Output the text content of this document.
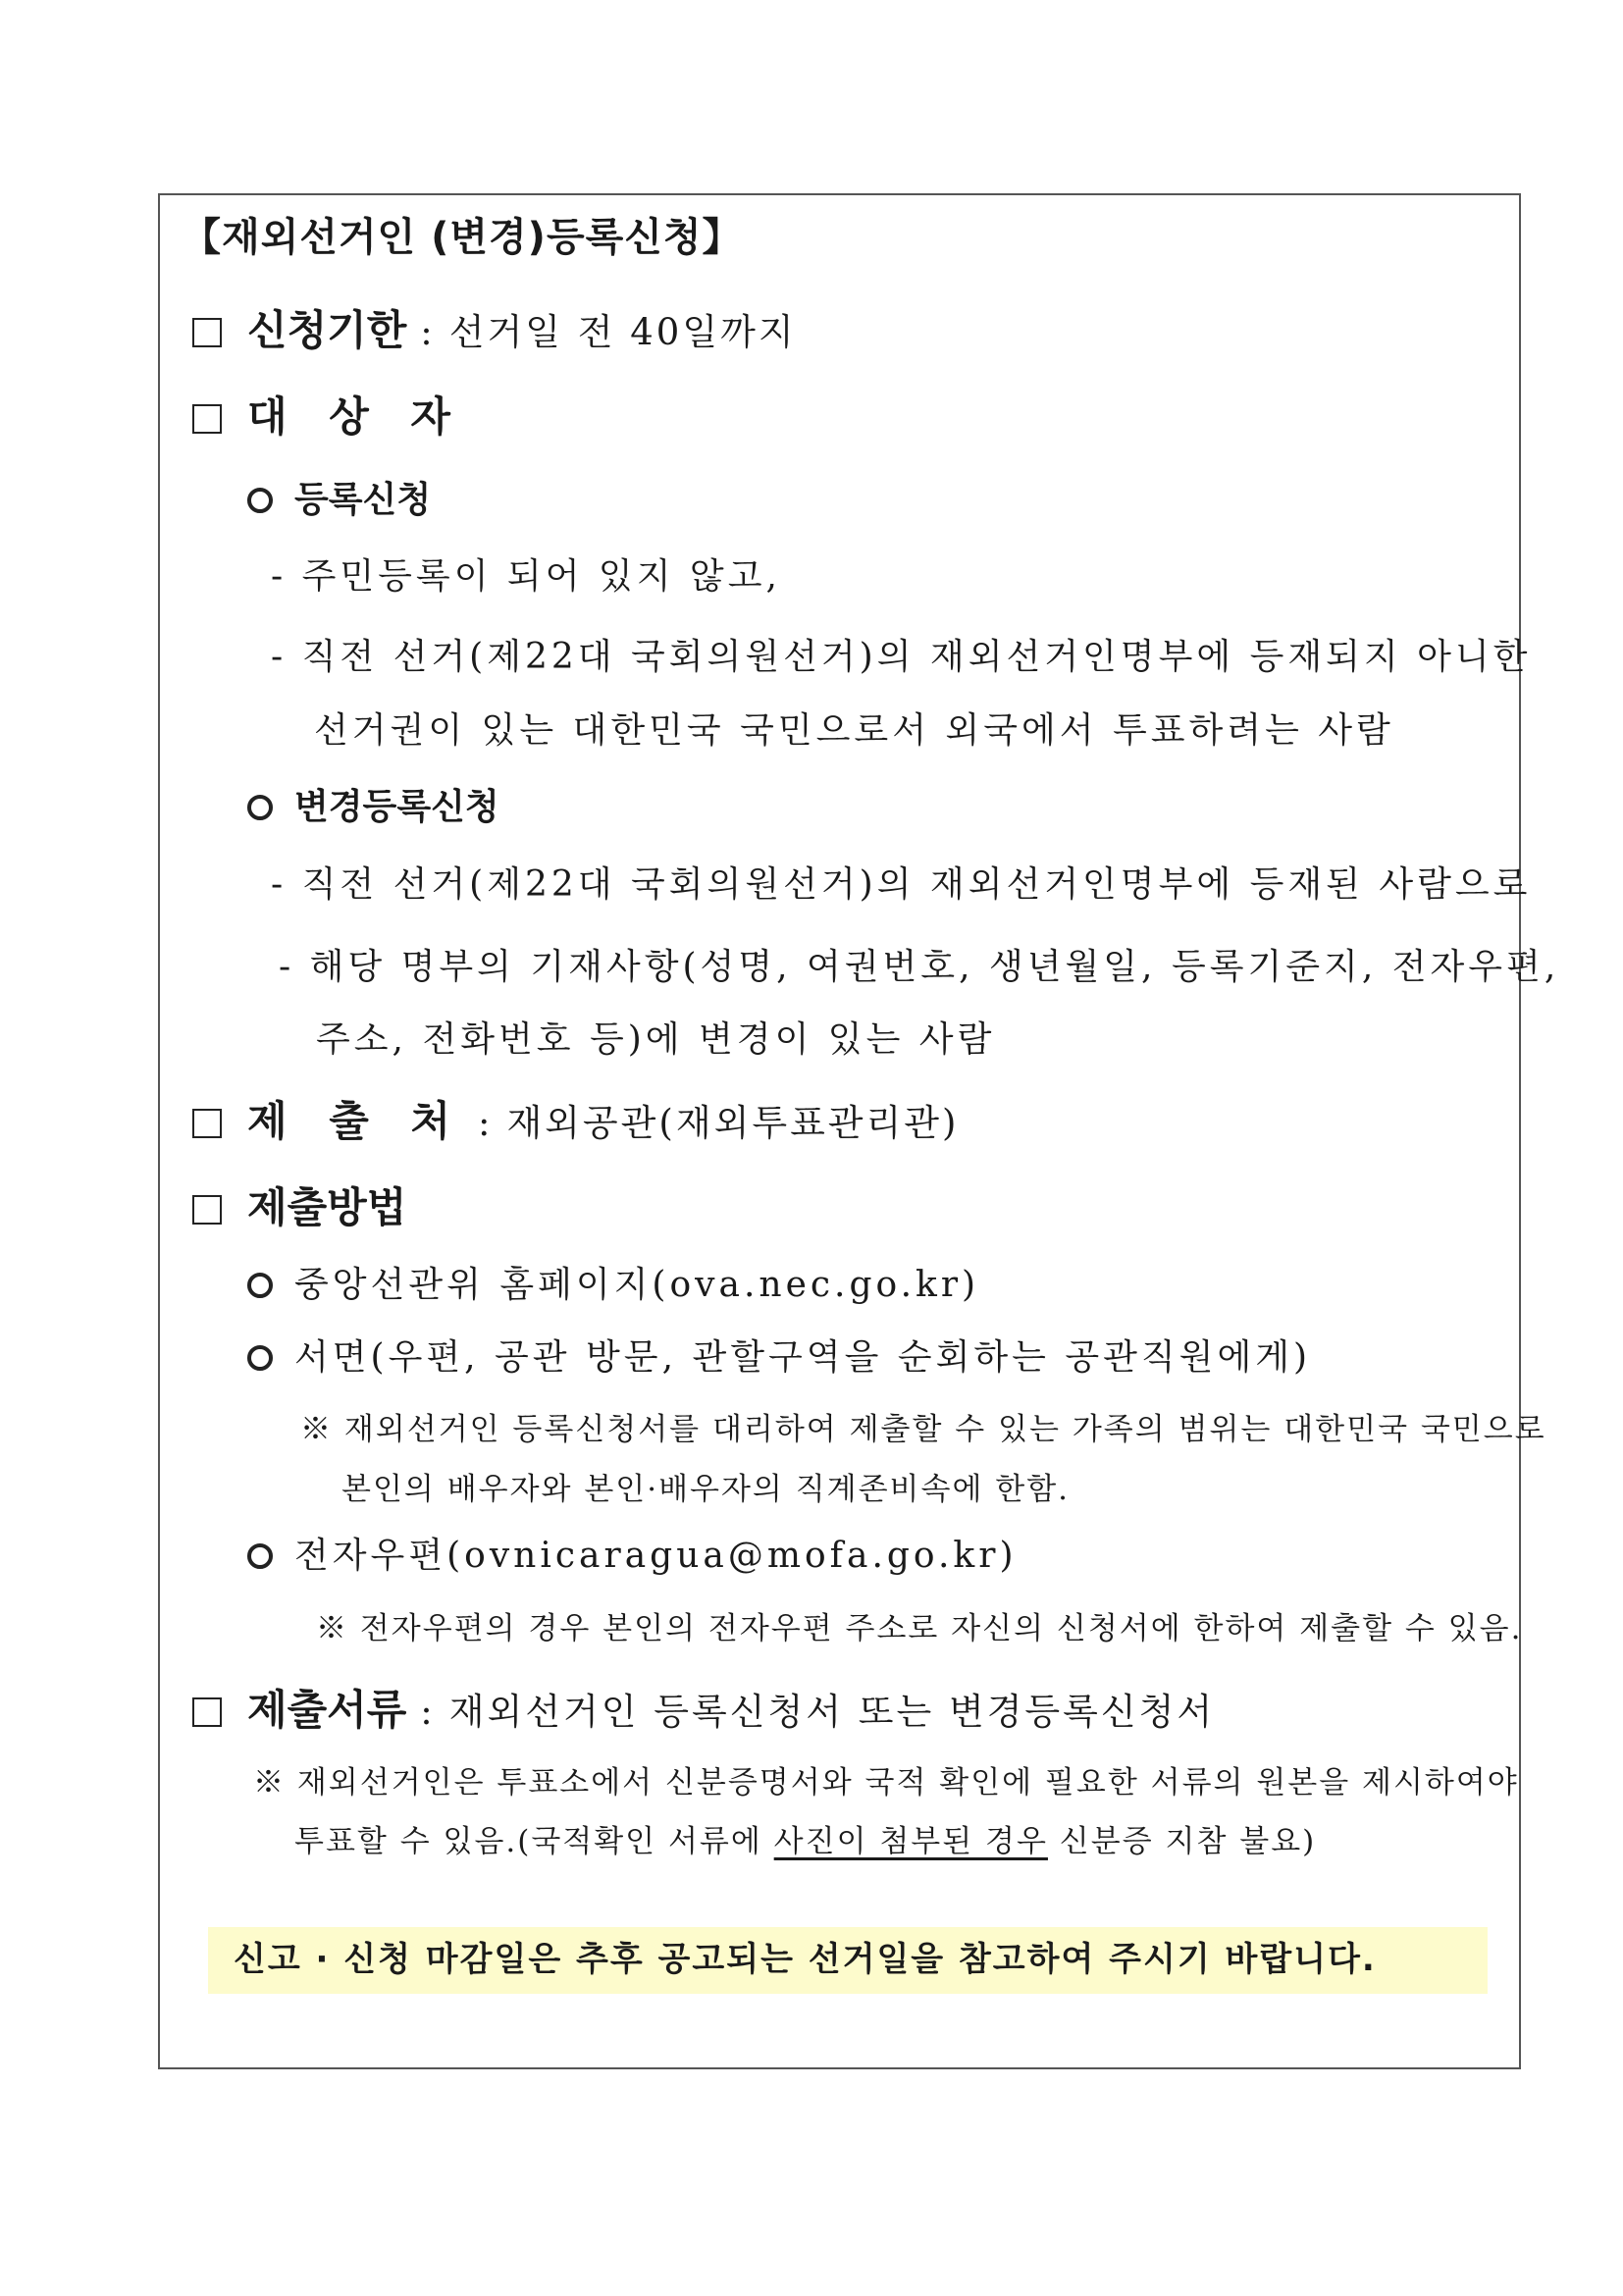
【재외선거인 (변경)등록신청】
신청기한 : 선거일 전 40일까지
대 상 자
등록신청
- 주민등록이 되어 있지 않고,
- 직전 선거(제22대 국회의원선거)의 재외선거인명부에 등재되지 아니한
선거권이 있는 대한민국 국민으로서 외국에서 투표하려는 사람
변경등록신청
- 직전 선거(제22대 국회의원선거)의 재외선거인명부에 등재된 사람으로
- 해당 명부의 기재사항(성명, 여권번호, 생년월일, 등록기준지, 전자우편,
주소, 전화번호 등)에 변경이 있는 사람
제 출 처 : 재외공관(재외투표관리관)
제출방법
중앙선관위 홈페이지(ova.nec.go.kr)
서면(우편, 공관 방문, 관할구역을 순회하는 공관직원에게)
※ 재외선거인 등록신청서를 대리하여 제출할 수 있는 가족의 범위는 대한민국 국민으로
본인의 배우자와 본인·배우자의 직계존비속에 한함.
전자우편(ovnicaragua@mofa.go.kr)
※ 전자우편의 경우 본인의 전자우편 주소로 자신의 신청서에 한하여 제출할 수 있음.
제출서류 : 재외선거인 등록신청서 또는 변경등록신청서
※ 재외선거인은 투표소에서 신분증명서와 국적 확인에 필요한 서류의 원본을 제시하여야
투표할 수 있음.(국적확인 서류에 사진이 첨부된 경우 신분증 지참 불요)
신고 · 신청 마감일은 추후 공고되는 선거일을 참고하여 주시기 바랍니다.
